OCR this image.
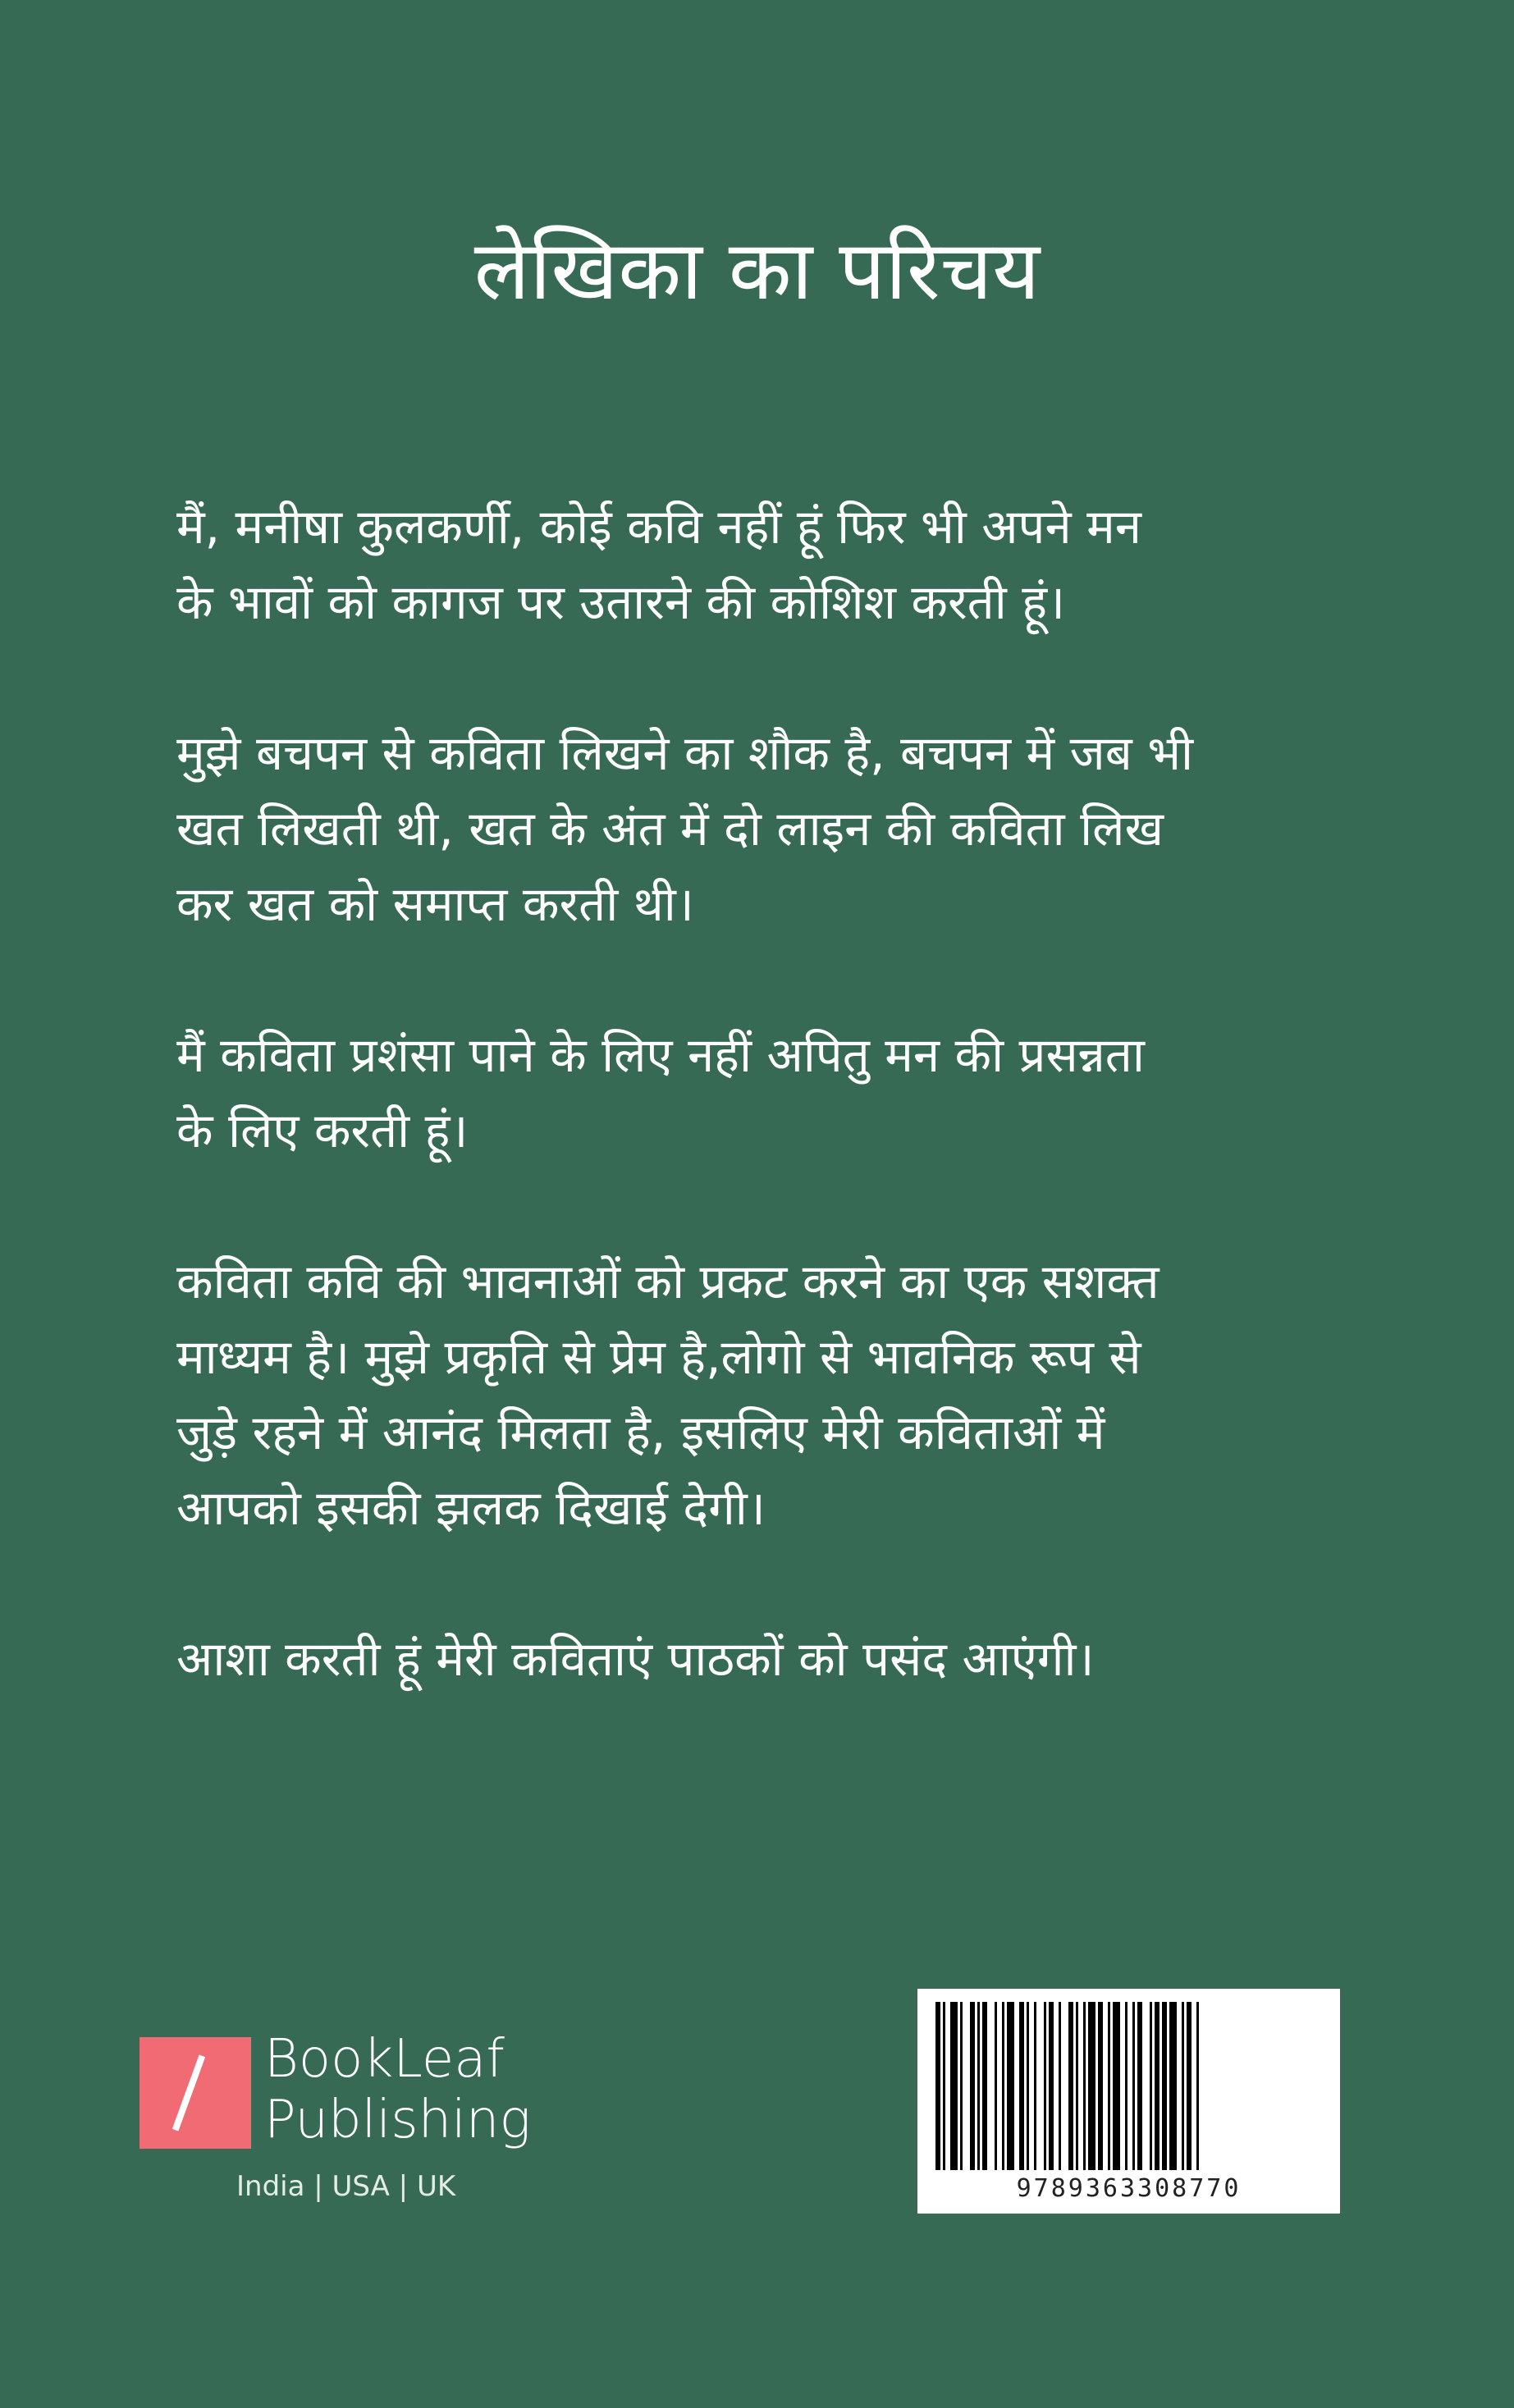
लेखिका का परिचय

मैं, मनीषा कुलकर्णी, कोई कवि नहीं हूं फिर भी अपने मन
के भावों को कागज पर उतारने की कोशिश करती हूं।

मुझे बचपन से कविता लिखने का शौक है, बचपन में जब भी
खत लिखती थी, खत के अंत में दो लाइन की कविता लिख
कर खत को समाप्त करती थी।

मैं कविता प्रशंसा पाने के लिए नहीं अपितु मन की प्रसन्नता
के लिए करती हूं।

कविता कवि की भावनाओं को प्रकट करने का एक सशक्त
माध्यम है। मुझे प्रकृति से प्रेम है,लोगो से भावनिक रूप से
जुड़े रहने में आनंद मिलता है, इसलिए मेरी कविताओं में
आपको इसकी झलक दिखाई देगी।

आशा करती हूं मेरी कविताएं पाठकों को पसंद आएंगी।

BookLeaf
Publishing
India | USA | UK	9789363308770
